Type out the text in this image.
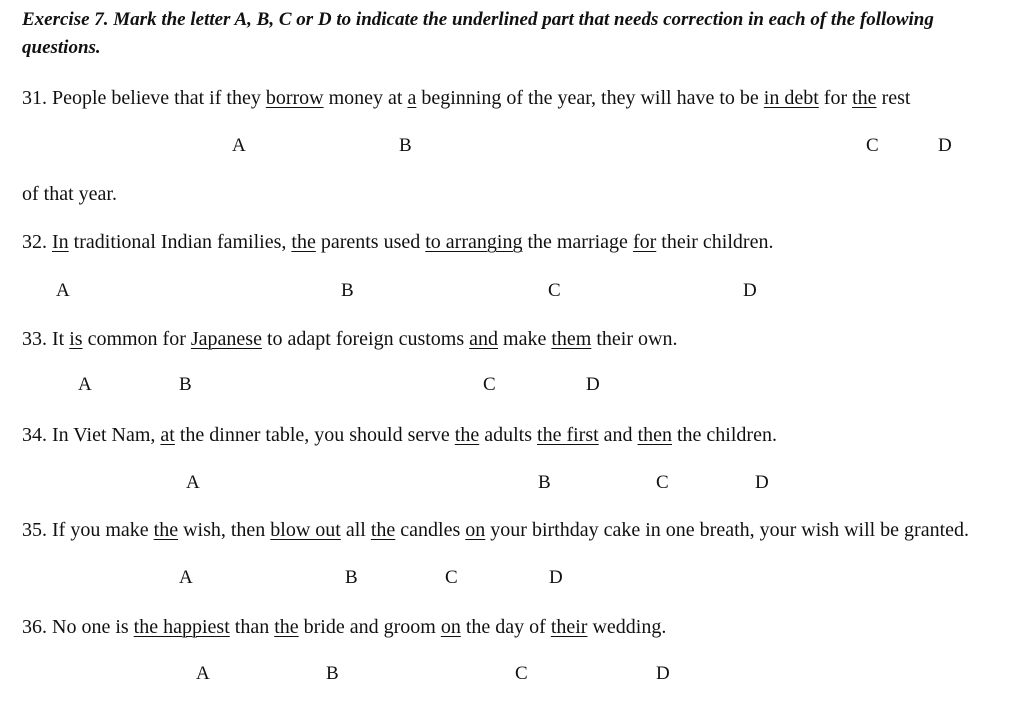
Exercise 7. Mark the letter A, B, C or D to indicate the underlined part that needs correction in each of the following
questions.
31. People believe that if they borrow money at a beginning of the year, they will have to be in debt for the rest
A	B	C	D
of that year.
32. In traditional Indian families, the parents used to arranging the marriage for their children.
A	B	C	D
33. It is common for Japanese to adapt foreign customs and make them their own.
A	B	C	D
34. In Viet Nam, at the dinner table, you should serve the adults the first and then the children.
A	B	C	D
35. If you make the wish, then blow out all the candles on your birthday cake in one breath, your wish will be granted.
A	B	C	D
36. No one is the happiest than the bride and groom on the day of their wedding.
A	B	C	D
